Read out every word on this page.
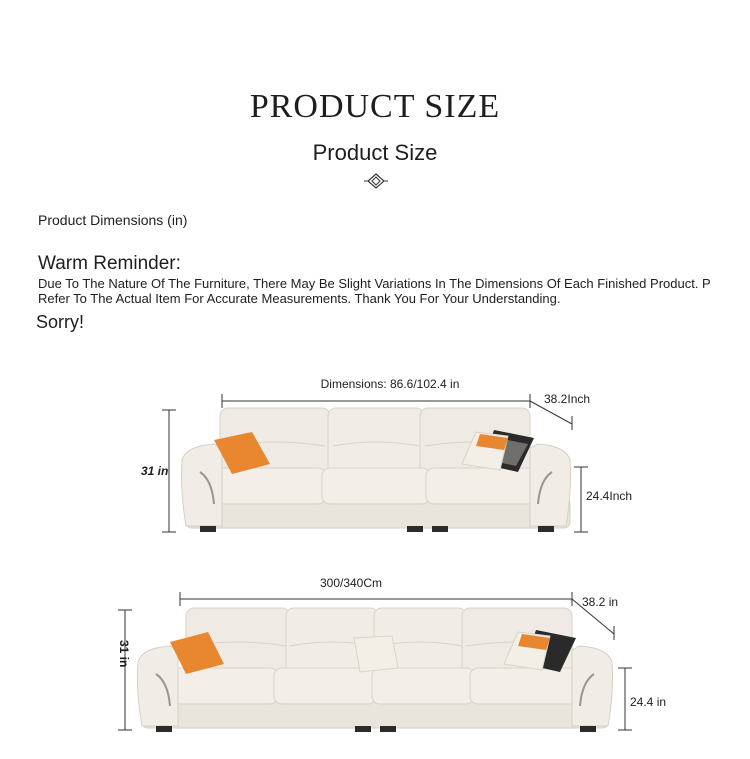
PRODUCT SIZE
Product Size
Product Dimensions (in)
Warm Reminder:
Due To The Nature Of The Furniture, There May Be Slight Variations In The Dimensions Of Each Finished Product. P
Refer To The Actual Item For Accurate Measurements. Thank You For Your Understanding.
Sorry!
Dimensions: 86.6/102.4 in
38.2Inch
31 in
24.4Inch
300/340Cm
38.2 in
31 in
24.4 in
